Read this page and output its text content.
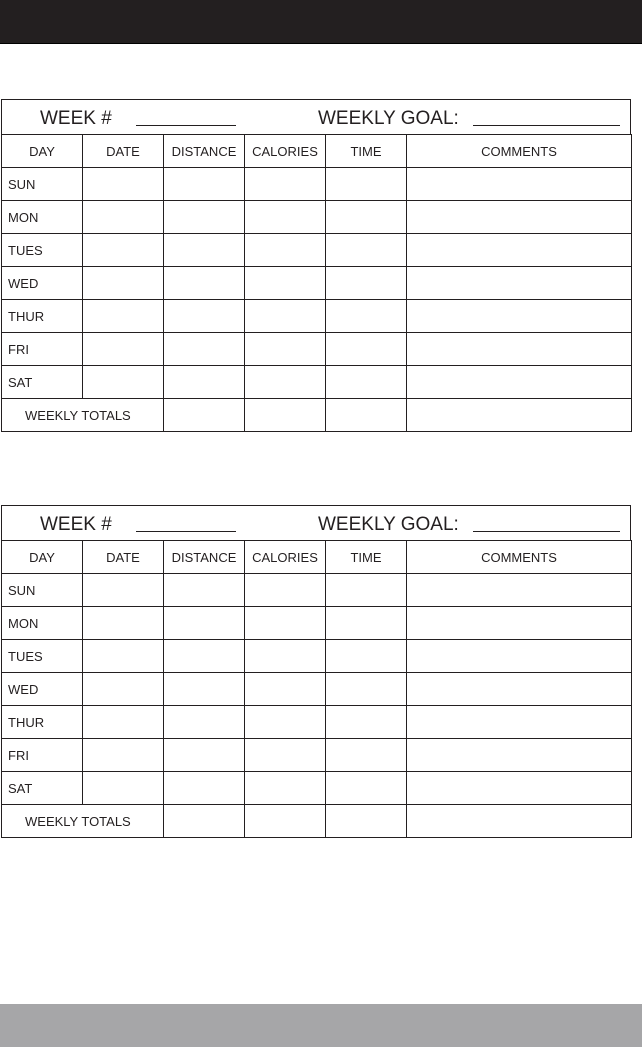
WEEK #	WEEKLY GOAL:
DAY	DATE	DISTANCE	CALORIES	TIME	COMMENTS
SUN					
MON					
TUES					
WED					
THUR					
FRI					
SAT					
WEEKLY TOTALS					
WEEK #	WEEKLY GOAL:
DAY	DATE	DISTANCE	CALORIES	TIME	COMMENTS
SUN					
MON					
TUES					
WED					
THUR					
FRI					
SAT					
WEEKLY TOTALS					
